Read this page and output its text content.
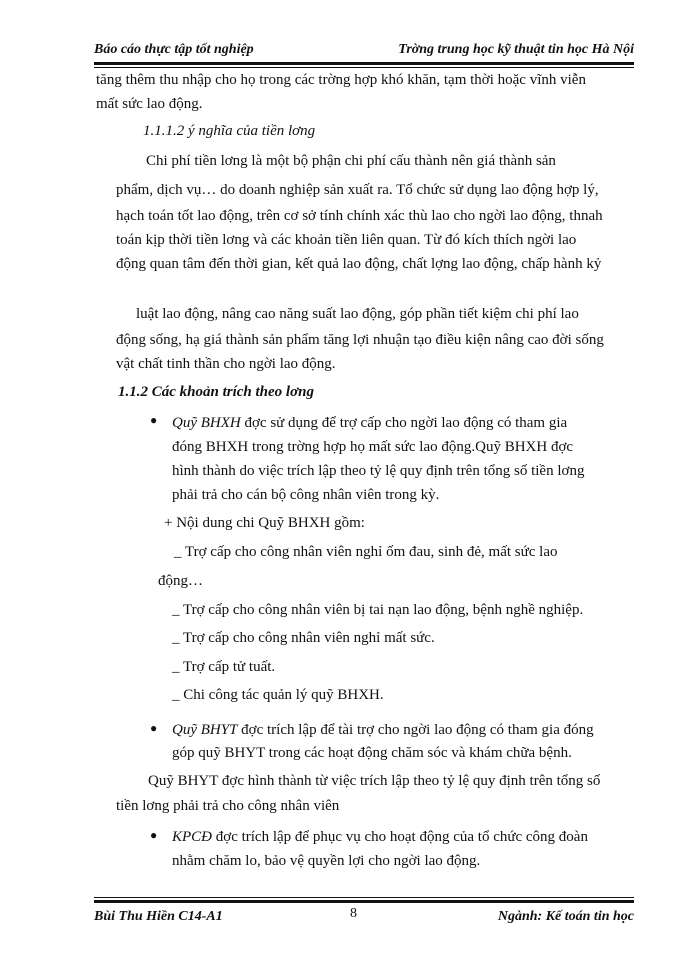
Báo cáo thực tập tốt nghiệp	Trờng trung học kỹ thuật tin học Hà Nội
tăng thêm thu nhập cho họ trong các trờng hợp khó khăn, tạm thời hoặc vĩnh viễn
mất sức lao động.
1.1.1.2 ý nghĩa của tiền lơng
Chi phí tiền lơng là một bộ phận chi phí cấu thành nên giá thành sản
phẩm, dịch vụ… do doanh nghiệp sản xuất ra. Tổ chức sử dụng lao động hợp lý,
hạch toán tốt lao động, trên cơ sở tính chính xác thù lao cho ngời lao động, thnah
toán kịp thời tiền lơng và các khoản tiền liên quan. Từ đó kích thích ngời lao
động quan tâm đến thời gian, kết quả lao động, chất lợng lao động, chấp hành kỷ
luật lao động, nâng cao năng suất lao động, góp phần tiết kiệm chi phí lao
động sống, hạ giá thành sản phẩm tăng lợi nhuận tạo điều kiện nâng cao đời sống
vật chất tinh thần cho ngời lao động.
1.1.2 Các khoản trích theo lơng
● Quỹ BHXH đợc sử dụng để trợ cấp cho ngời lao động có tham gia
đóng BHXH trong trờng hợp họ mất sức lao động.Quỹ BHXH đợc
hình thành do việc trích lập theo tỷ lệ quy định trên tổng số tiền lơng
phải trả cho cán bộ công nhân viên trong kỳ.
+ Nội dung chi Quỹ BHXH gồm:
_ Trợ cấp cho công nhân viên nghỉ ốm đau, sinh đẻ, mất sức lao
động…
_ Trợ cấp cho công nhân viên bị tai nạn lao động, bệnh nghề nghiệp.
_ Trợ cấp cho công nhân viên nghỉ mất sức.
_ Trợ cấp tử tuất.
_ Chi công tác quản lý quỹ BHXH.
● Quỹ BHYT đợc trích lập để tài trợ cho ngời lao động có tham gia đóng
góp quỹ BHYT trong các hoạt động chăm sóc và khám chữa bệnh.
Quỹ BHYT đợc hình thành từ việc trích lập theo tỷ lệ quy định trên tổng số
tiền lơng phải trả cho công nhân viên
● KPCĐ đợc trích lập để phục vụ cho hoạt động của tổ chức công đoàn
nhằm chăm lo, bảo vệ quyền lợi cho ngời lao động.
Bùi Thu Hiền C14-A1	8	Ngành: Kế toán tin học
